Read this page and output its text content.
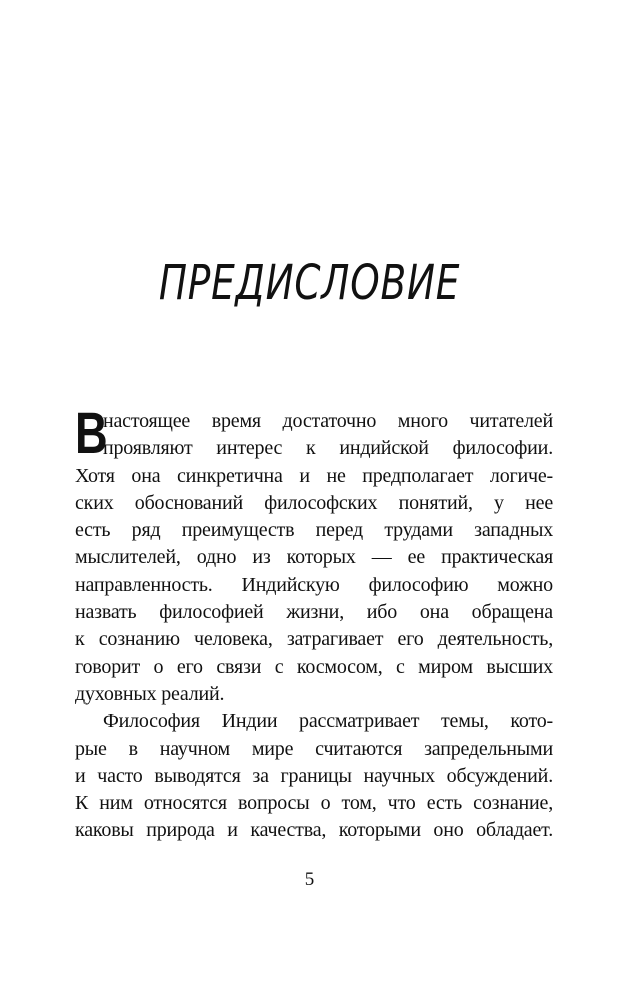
ПРЕДИСЛОВИЕ
В
настоящее время достаточно много читателей
проявляют интерес к индийской философии.
Хотя она синкретична и не предполагает логиче-
ских обоснований философских понятий, у нее
есть ряд преимуществ перед трудами западных
мыслителей, одно из которых — ее практическая
направленность. Индийскую философию можно
назвать философией жизни, ибо она обращена
к сознанию человека, затрагивает его деятельность,
говорит о его связи с космосом, с миром высших
духовных реалий.
Философия Индии рассматривает темы, кото-
рые в научном мире считаются запредельными
и часто выводятся за границы научных обсуждений.
К ним относятся вопросы о том, что есть сознание,
каковы природа и качества, которыми оно обладает.
5
